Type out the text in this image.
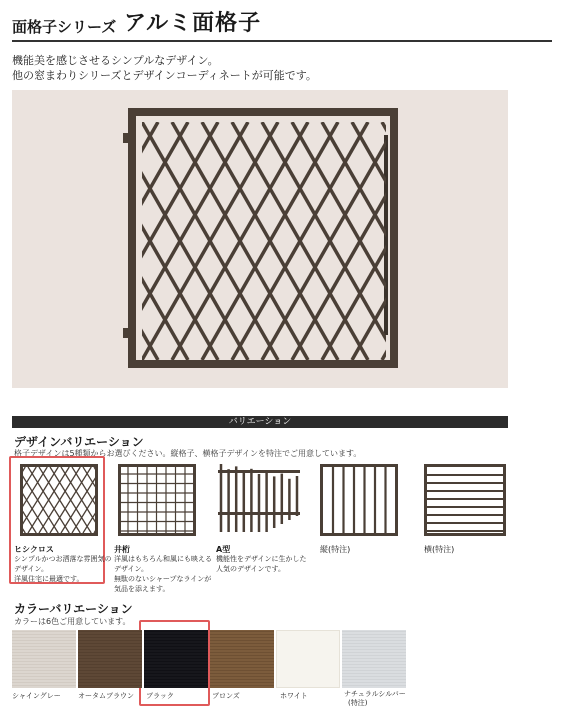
面格子シリーズ アルミ面格子
機能美を感じさせるシンプルなデザイン。
他の窓まわりシリーズとデザインコーディネートが可能です。
バリエーション
デザインバリエーション
格子デザインは5種類からお選びください。縦格子、横格子デザインを特注でご用意しています。
ヒシクロス
シンプルかつお洒落な雰囲気の
デザイン。
洋風住宅に最適です。
井桁
洋風はもちろん和風にも映える
デザイン。
無駄のないシャープなラインが
気品を添えます。
A型
機能性をデザインに生かした
人気のデザインです。
縦(特注)	横(特注)
カラーバリエーション
カラーは6色ご用意しています。
シャイングレー オータムブラウン ブラック	ブロンズ	ホワイト	ナチュラルシルバー
(特注)
